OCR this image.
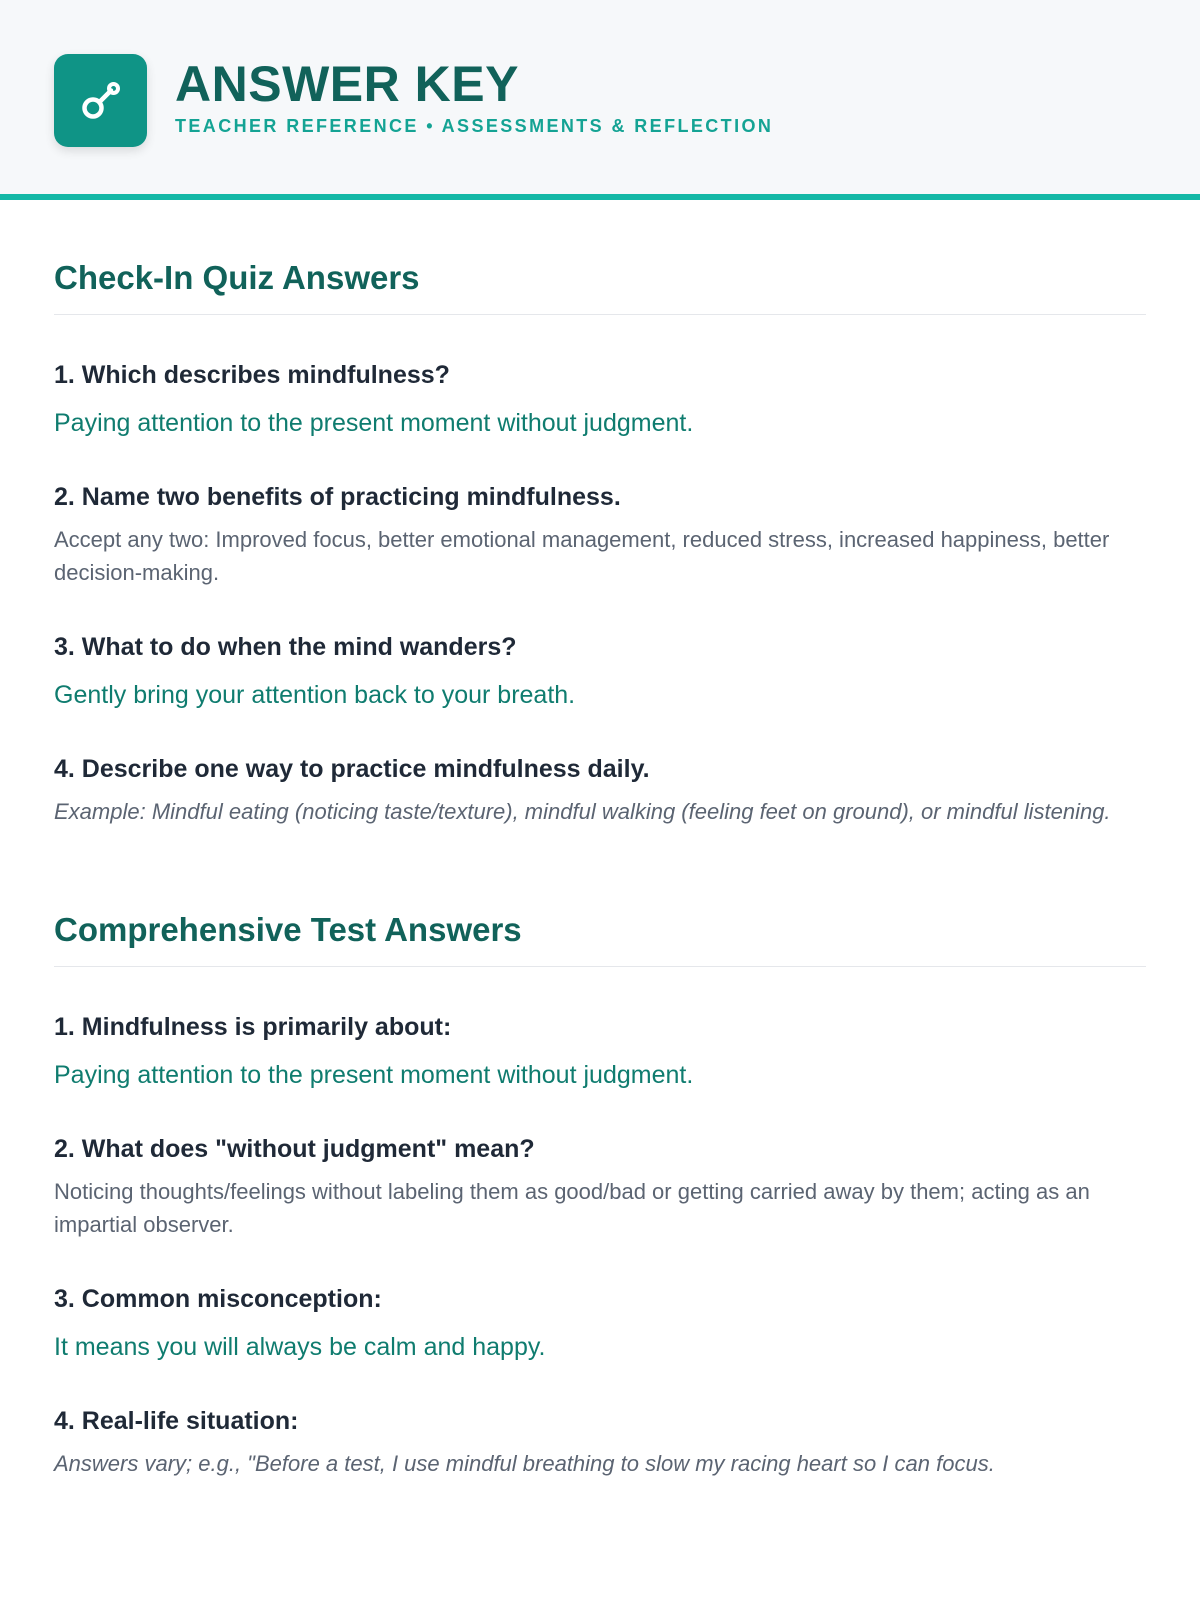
ANSWER KEY
TEACHER REFERENCE • ASSESSMENTS & REFLECTION
Check-In Quiz Answers
1. Which describes mindfulness?
Paying attention to the present moment without judgment.
2. Name two benefits of practicing mindfulness.
Accept any two: Improved focus, better emotional management, reduced stress, increased happiness, better decision-making.
3. What to do when the mind wanders?
Gently bring your attention back to your breath.
4. Describe one way to practice mindfulness daily.
Example: Mindful eating (noticing taste/texture), mindful walking (feeling feet on ground), or mindful listening.
Comprehensive Test Answers
1. Mindfulness is primarily about:
Paying attention to the present moment without judgment.
2. What does "without judgment" mean?
Noticing thoughts/feelings without labeling them as good/bad or getting carried away by them; acting as an impartial observer.
3. Common misconception:
It means you will always be calm and happy.
4. Real-life situation:
Answers vary; e.g., "Before a test, I use mindful breathing to slow my racing heart so I can focus.
